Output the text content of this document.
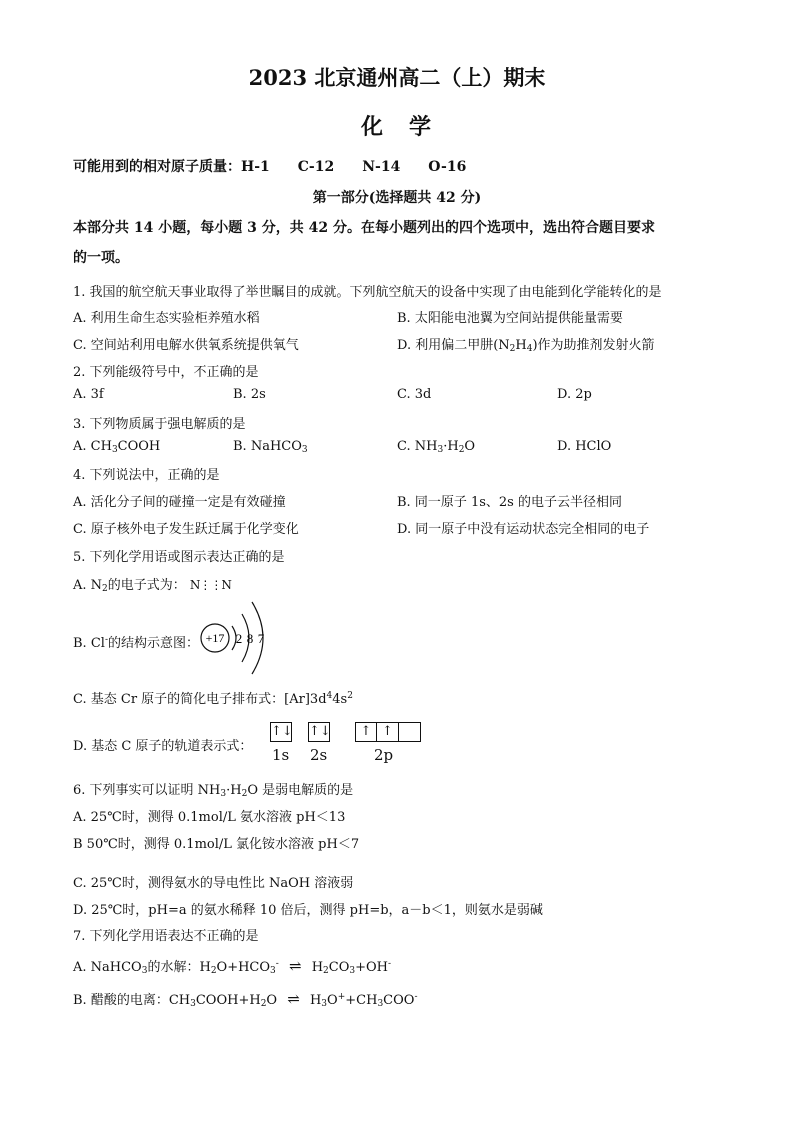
2023 北京通州高二（上）期末
化　学
可能用到的相对原子质量：H-1　　C-12　　N-14　　O-16
第一部分(选择题共 42 分)
本部分共 14 小题，每小题 3 分，共 42 分。在每小题列出的四个选项中，选出符合题目要求
的一项。
1. 我国的航空航天事业取得了举世瞩目的成就。下列航空航天的设备中实现了由电能到化学能转化的是
A. 利用生命生态实验柜养殖水稻	B. 太阳能电池翼为空间站提供能量需要
C. 空间站利用电解水供氧系统提供氧气	D. 利用偏二甲肼$(N_2H_4)$作为助推剂发射火箭
2. 下列能级符号中，不正确的是
A. 3f	B. 2s	C. 3d	D. 2p
3. 下列物质属于强电解质的是
A. $CH_3COOH$	B. NaHCO$_3$	C. $NH_3\cdot H_2O$	D. HClO
4. 下列说法中，正确的是
A. 活化分子间的碰撞一定是有效碰撞	B. 同一原子 1s、2s 的电子云半径相同
C. 原子核外电子发生跃迁属于化学变化	D. 同一原子中没有运动状态完全相同的电子
5. 下列化学用语或图示表达正确的是
A. $N_2$的电子式为： N⋮⋮N
B. Cl-的结构示意图： +17 2 8 7
C. 基态 Cr 原子的简化电子排布式：$[Ar]3d^44s^2$
D. 基态 C 原子的轨道表示式：
↑↓ ↑↓	↑ ↑
1s 2s	2p
6. 下列事实可以证明 $NH_3\cdot H_2O$ 是弱电解质的是
A. 25℃时，测得 0.1mol/L 氨水溶液 pH＜13
B 50℃时，测得 0.1mol/L 氯化铵水溶液 pH＜7
C. 25℃时，测得氨水的导电性比 NaOH 溶液弱
D. 25℃时，pH=a 的氨水稀释 10 倍后，测得 pH=b，a－b＜1，则氨水是弱碱
7. 下列化学用语表达不正确的是
A. NaHCO$_3$的水解：$H_2O+HCO_3^-$ ⇌ $H_2CO_3+OH^-$
B. 醋酸的电离：$CH_3COOH+H_2O$ ⇌ $H_3O^++CH_3COO^-$
